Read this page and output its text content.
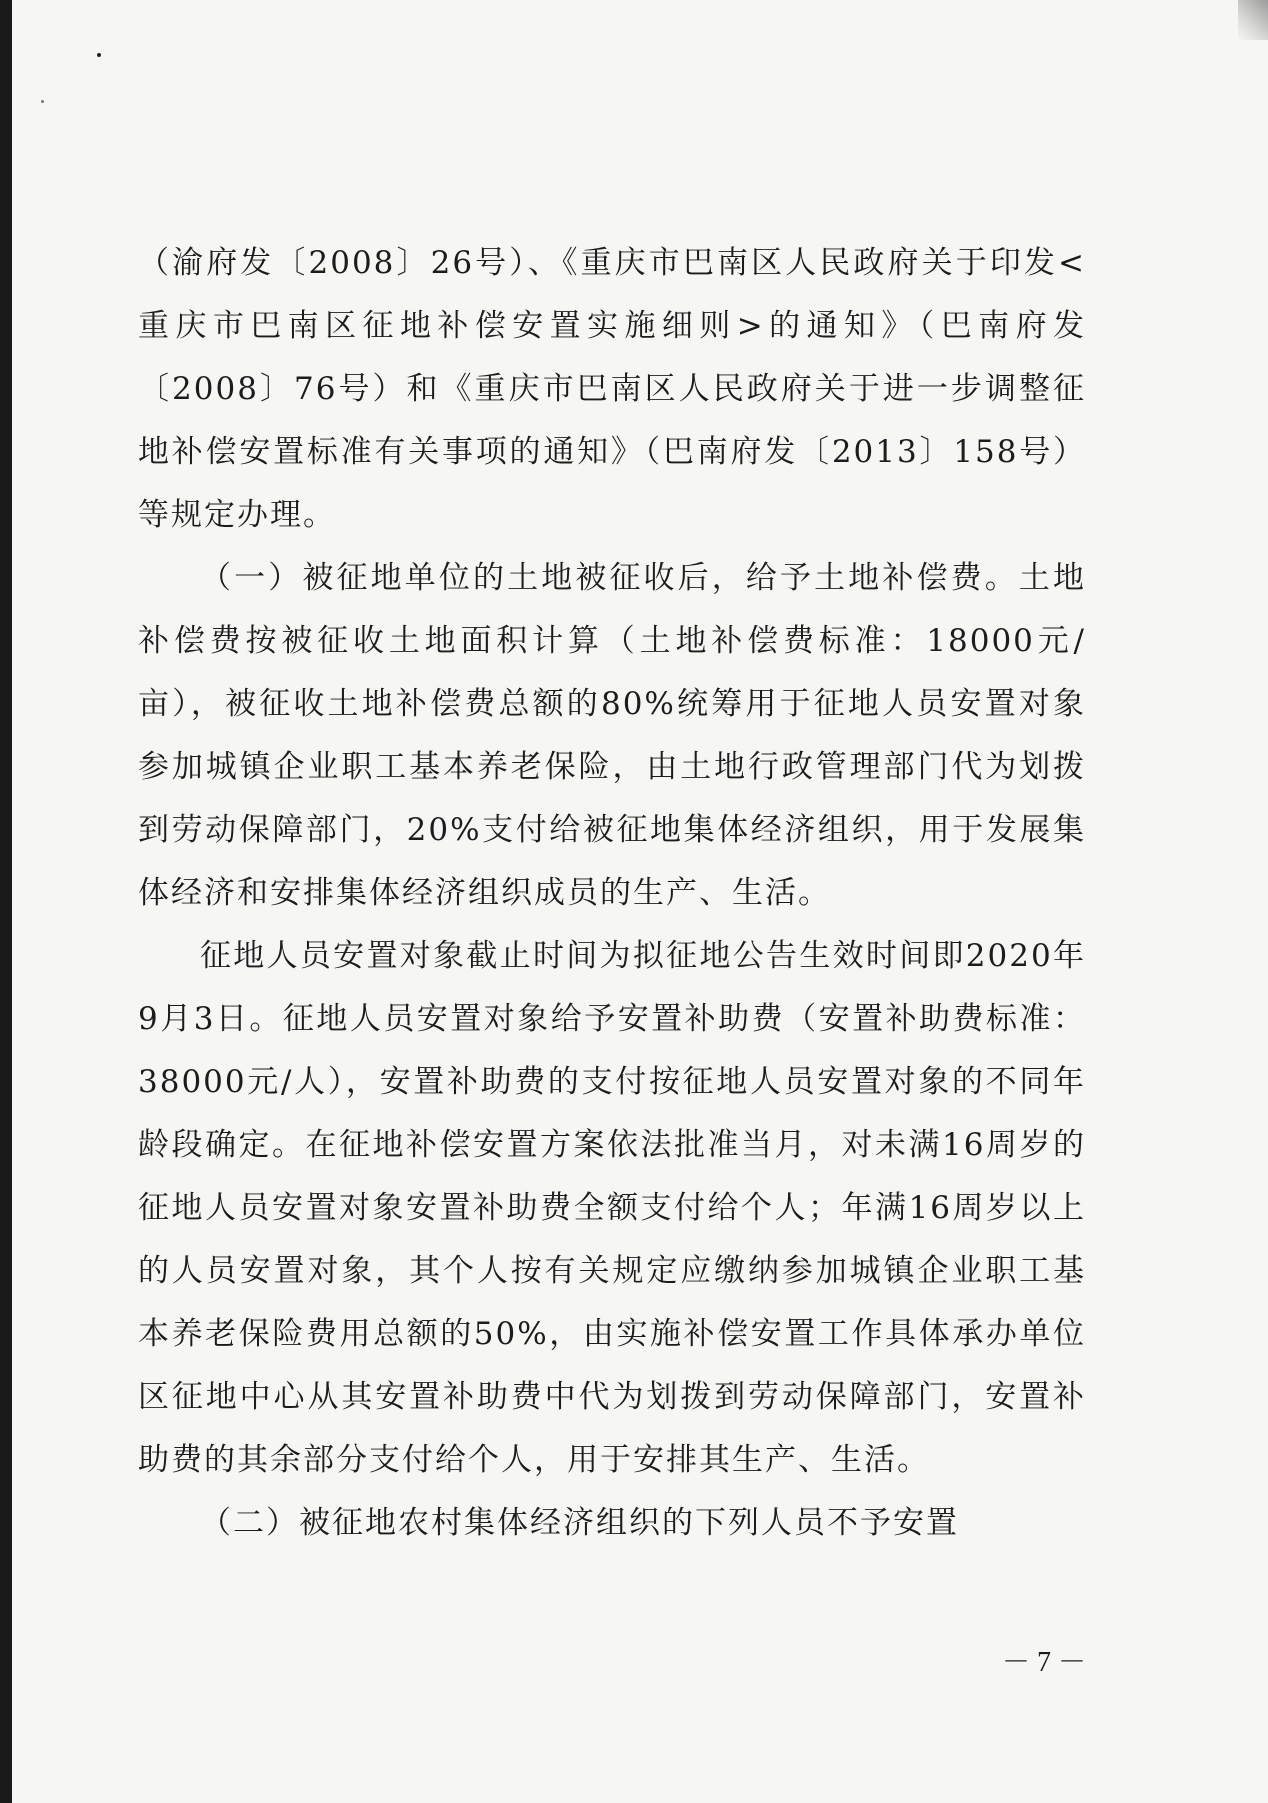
（渝府发〔2008〕26号）、《重庆市巴南区人民政府关于印发<重庆市巴南区征地补偿安置实施细则>的通知》（巴南府发〔2008〕76号）和《重庆市巴南区人民政府关于进一步调整征地补偿安置标准有关事项的通知》（巴南府发〔2013〕158号）等规定办理。

（一）被征地单位的土地被征收后，给予土地补偿费。土地补偿费按被征收土地面积计算（土地补偿费标准：18000元/亩），被征收土地补偿费总额的80%统筹用于征地人员安置对象参加城镇企业职工基本养老保险，由土地行政管理部门代为划拨到劳动保障部门，20%支付给被征地集体经济组织，用于发展集体经济和安排集体经济组织成员的生产、生活。

征地人员安置对象截止时间为拟征地公告生效时间即2020年9月3日。征地人员安置对象给予安置补助费（安置补助费标准：38000元/人），安置补助费的支付按征地人员安置对象的不同年龄段确定。在征地补偿安置方案依法批准当月，对未满16周岁的征地人员安置对象安置补助费全额支付给个人；年满16周岁以上的人员安置对象，其个人按有关规定应缴纳参加城镇企业职工基本养老保险费用总额的50%，由实施补偿安置工作具体承办单位区征地中心从其安置补助费中代为划拨到劳动保障部门，安置补助费的其余部分支付给个人，用于安排其生产、生活。

（二）被征地农村集体经济组织的下列人员不予安置

－ 7 －
